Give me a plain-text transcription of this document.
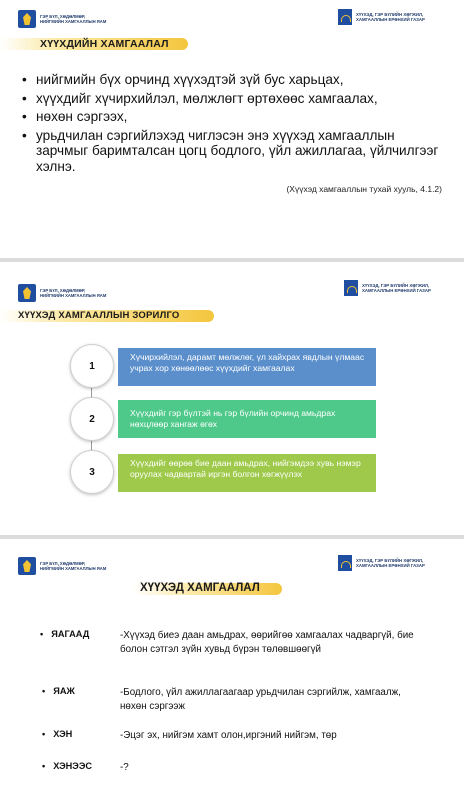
ГЭР БҮЛ, ХӨДӨЛМӨР,
НИЙГМИЙН ХАМГААЛЛЫН ЯАМ
ХҮҮХЭД, ГЭР БҮЛИЙН ХӨГЖИЛ,
ХАМГААЛЛЫН ЕРӨНХИЙ ГАЗАР
ХҮҮХДИЙН ХАМГААЛАЛ
• нийгмийн бүх орчинд хүүхэдтэй зүй бус харьцах,
• хүүхдийг хүчирхийлэл, мөлжлөгт өртөхөөс хамгаалах,
• нөхөн сэргээх,
• урьдчилан сэргийлэхэд чиглэсэн энэ хүүхэд хамгааллын зарчмыг баримталсан цогц бодлого, үйл ажиллагаа, үйлчилгээг хэлнэ.
(Хүүхэд хамгааллын тухай хууль, 4.1.2)
ГЭР БҮЛ, ХӨДӨЛМӨР,
НИЙГМИЙН ХАМГААЛЛЫН ЯАМ
ХҮҮХЭД, ГЭР БҮЛИЙН ХӨГЖИЛ,
ХАМГААЛЛЫН ЕРӨНХИЙ ГАЗАР
ХҮҮХЭД ХАМГААЛЛЫН ЗОРИЛГО
Хүчирхийлэл, дарамт мөлжлөг, үл хайхрах явдлын үлмаас учрах хор хөнөөлөөс хүүхдийг хамгаалах
1
Хүүхдийг гэр бүлтэй нь гэр бүлийн орчинд амьдрах нөхцлөөр хангаж өгөх
2
Хүүхдийг өөрөө бие даан амьдрах, нийгэмдээ хувь нэмэр оруулах чадвартай иргэн болгон хөгжүүлэх
3
ГЭР БҮЛ, ХӨДӨЛМӨР,
НИЙГМИЙН ХАМГААЛЛЫН ЯАМ
ХҮҮХЭД, ГЭР БҮЛИЙН ХӨГЖИЛ,
ХАМГААЛЛЫН ЕРӨНХИЙ ГАЗАР
ХҮҮХЭД ХАМГААЛАЛ
• ЯАГААД	-Хүүхэд биеэ даан амьдрах, өөрийгөө хамгаалах чадваргүй, бие болон сэтгэл зүйн хувьд бүрэн төлөвшөөгүй
• ЯАЖ	-Бодлого, үйл ажиллагаагаар урьдчилан сэргийлж, хамгаалж, нөхөн сэргээж
• ХЭН	-Эцэг эх, нийгэм хамт олон,иргэний нийгэм, төр
• ХЭНЭЭС	-?
